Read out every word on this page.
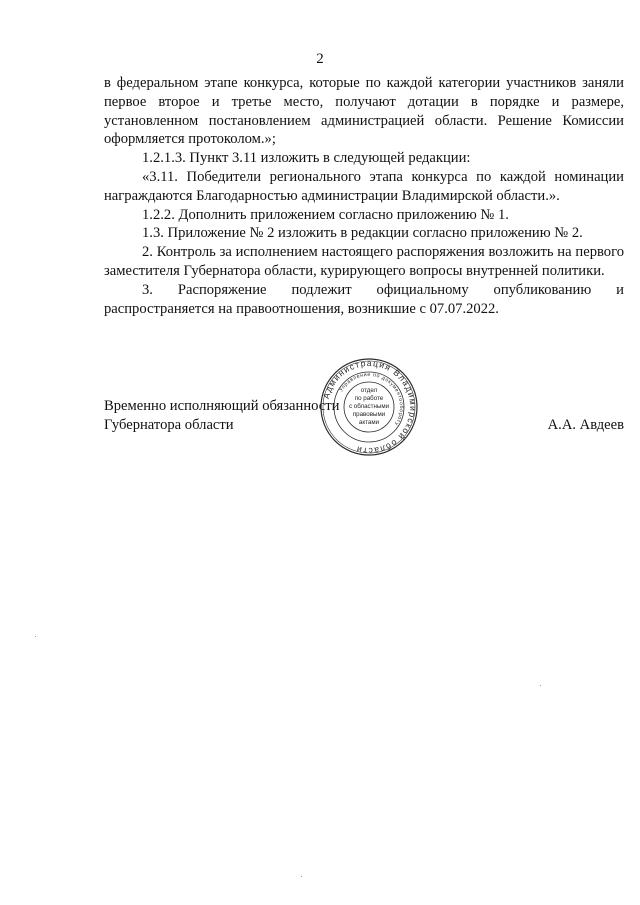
2

в федеральном этапе конкурса, которые по каждой категории участников заняли первое второе и третье место, получают дотации в порядке и размере, установленном постановлением администрацией области. Решение Комиссии оформляется протоколом.»;

1.2.1.3. Пункт 3.11 изложить в следующей редакции:

«3.11. Победители регионального этапа конкурса по каждой номинации награждаются Благодарностью администрации Владимирской области.».

1.2.2. Дополнить приложением согласно приложению № 1.

1.3. Приложение № 2 изложить в редакции согласно приложению № 2.

2. Контроль за исполнением настоящего распоряжения возложить на первого заместителя Губернатора области, курирующего вопросы внутренней политики.

3. Распоряжение подлежит официальному опубликованию и распространяется на правоотношения, возникшие с 07.07.2022.

Временно исполняющий обязанности
Губернатора области	А.А. Авдеев
Администрация Владимирской области
Управление по документообороту
отдел
по работе
с областными
правовыми
актами
